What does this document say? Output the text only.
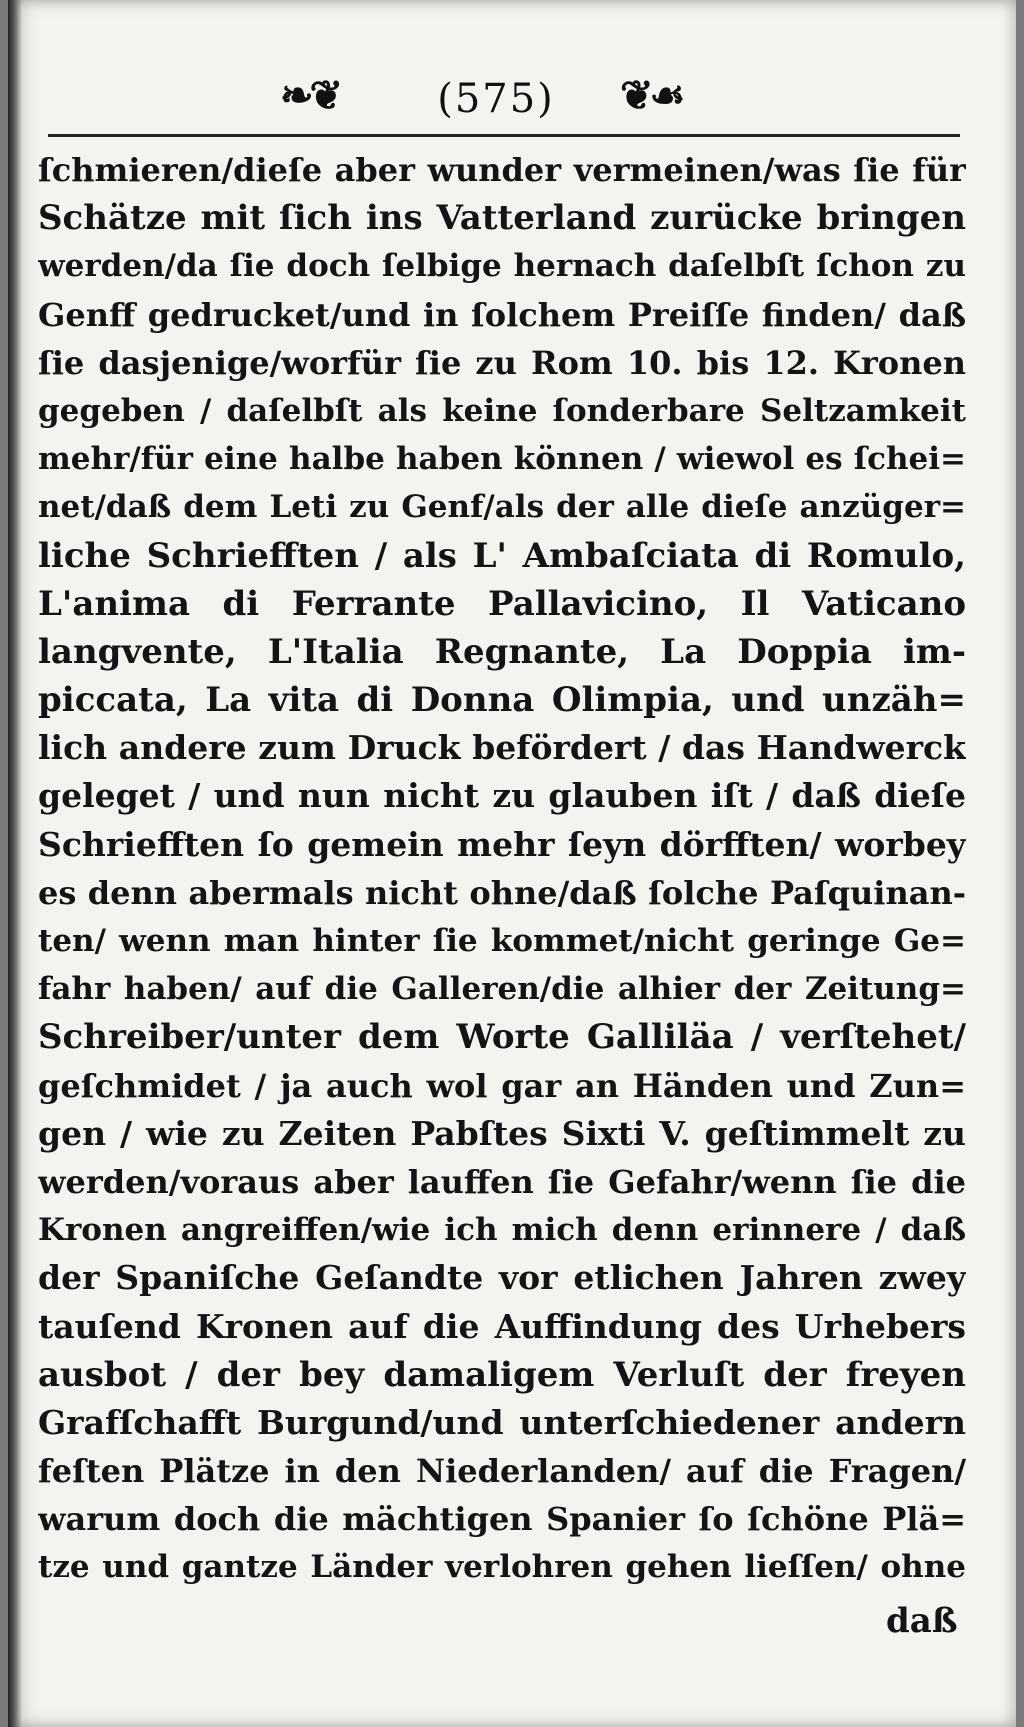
❧❦ (575) ❦☙
ſchmieren/dieſe aber wunder vermeinen/was ſie für
Schätze mit ſich ins Vatterland zurücke bringen
werden/da ſie doch ſelbige hernach daſelbſt ſchon zu
Genff gedrucket/und in ſolchem Preiſſe finden/ daß
ſie dasjenige/worfür ſie zu Rom 10. bis 12. Kronen
gegeben / daſelbſt als keine ſonderbare Seltzamkeit
mehr/für eine halbe haben können / wiewol es ſchei=
net/daß dem Leti zu Genf/als der alle dieſe anzüger=
liche Schriefften / als L' Ambaſciata di Romulo,
L'anima di Ferrante Pallavicino, Il Vaticano
langvente, L'Italia Regnante, La Doppia im-
piccata, La vita di Donna Olimpia, und unzäh=
lich andere zum Druck befördert / das Handwerck
geleget / und nun nicht zu glauben iſt / daß dieſe
Schriefften ſo gemein mehr ſeyn dörfften/ worbey
es denn abermals nicht ohne/daß ſolche Paſquinan-
ten/ wenn man hinter ſie kommet/nicht geringe Ge=
fahr haben/ auf die Galleren/die alhier der Zeitung=
Schreiber/unter dem Worte Galliläa / verſtehet/
geſchmidet / ja auch wol gar an Händen und Zun=
gen / wie zu Zeiten Pabſtes Sixti V. geſtimmelt zu
werden/voraus aber lauffen ſie Gefahr/wenn ſie die
Kronen angreiffen/wie ich mich denn erinnere / daß
der Spaniſche Geſandte vor etlichen Jahren zwey
tauſend Kronen auf die Auffindung des Urhebers
ausbot / der bey damaligem Verluſt der freyen
Grafſchafft Burgund/und unterſchiedener andern
feſten Plätze in den Niederlanden/ auf die Fragen/
warum doch die mächtigen Spanier ſo ſchöne Plä=
tze und gantze Länder verlohren gehen lieſſen/ ohne
daß
